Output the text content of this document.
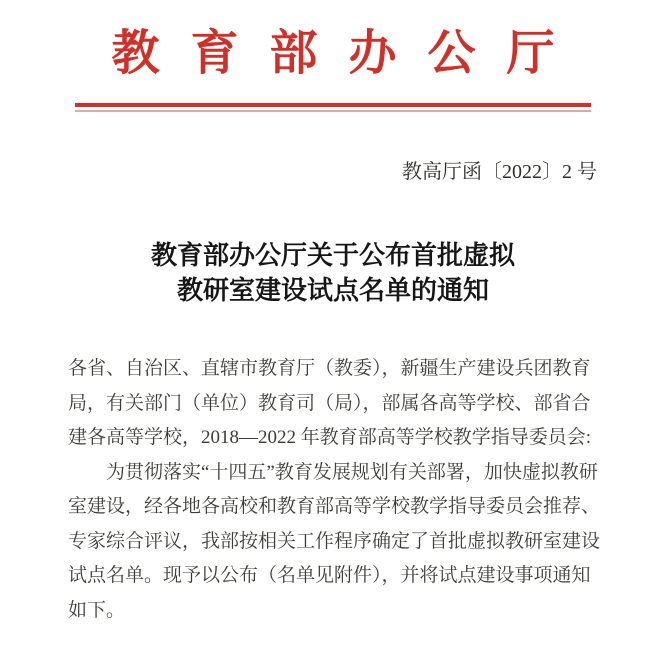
教育部办公厅
教高厅函〔2022〕2 号
教育部办公厅关于公布首批虚拟
教研室建设试点名单的通知
各省、自治区、直辖市教育厅（教委），新疆生产建设兵团教育
局，有关部门（单位）教育司（局），部属各高等学校、部省合
建各高等学校，2018—2022 年教育部高等学校教学指导委员会:
　　为贯彻落实“十四五”教育发展规划有关部署，加快虚拟教研
室建设，经各地各高校和教育部高等学校教学指导委员会推荐、
专家综合评议，我部按相关工作程序确定了首批虚拟教研室建设
试点名单。现予以公布（名单见附件），并将试点建设事项通知
如下。
